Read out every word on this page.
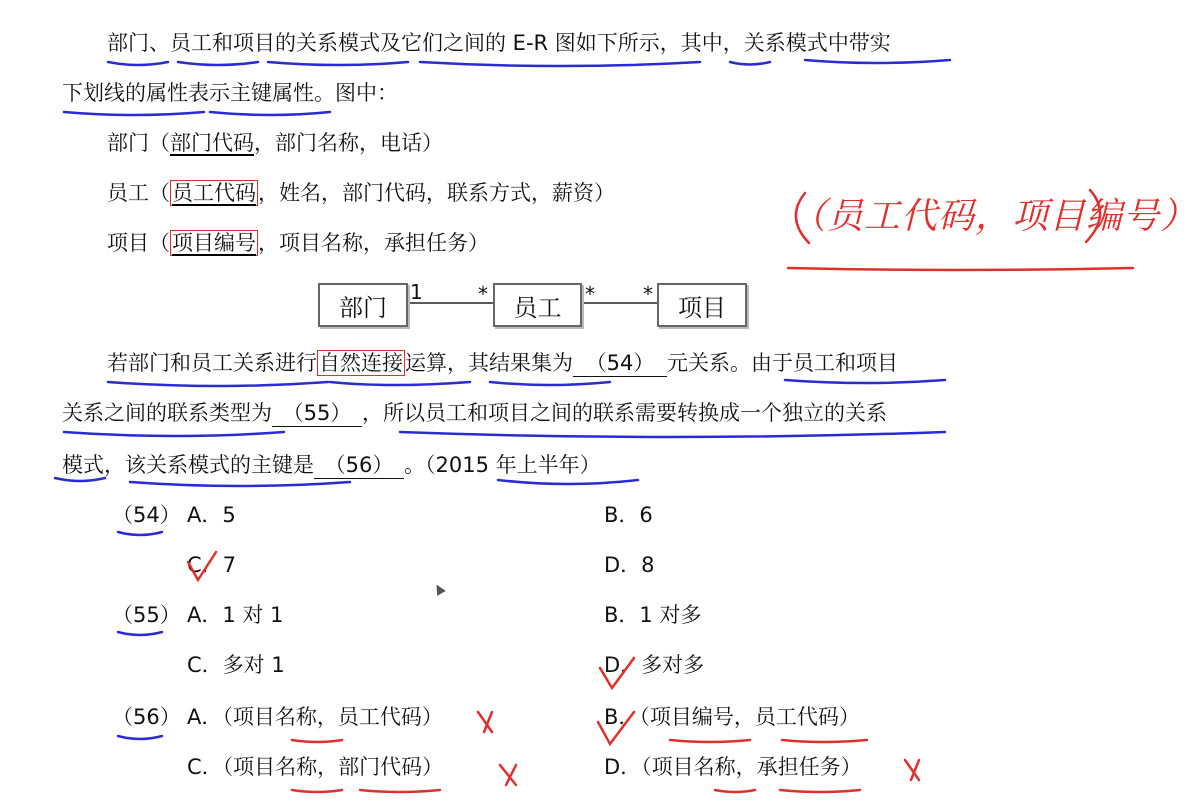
部门、员工和项目的关系模式及它们之间的 E-R 图如下所示，其中，关系模式中带实
下划线的属性表示主键属性。图中：
部门（部门代码，部门名称，电话）
员工（员工代码，姓名，部门代码，联系方式，薪资）
项目（项目编号，项目名称，承担任务）
部门	员工	项目
1	*	* *
若部门和员工关系进行自然连接运算，其结果集为 （54） 元关系。由于员工和项目
关系之间的联系类型为 （55） ，所以员工和项目之间的联系需要转换成一个独立的关系
模式，该关系模式的主键是 （56） 。（2015 年上半年）
（54） A．5	B．6
C．7	D．8
（55） A．1 对 1	B．1 对多
C．多对 1	D．多对多
（56） A．（项目名称，员工代码）	B．（项目编号，员工代码）
C．（项目名称，部门代码）	D．（项目名称，承担任务）
（员工代码，项目编号）
